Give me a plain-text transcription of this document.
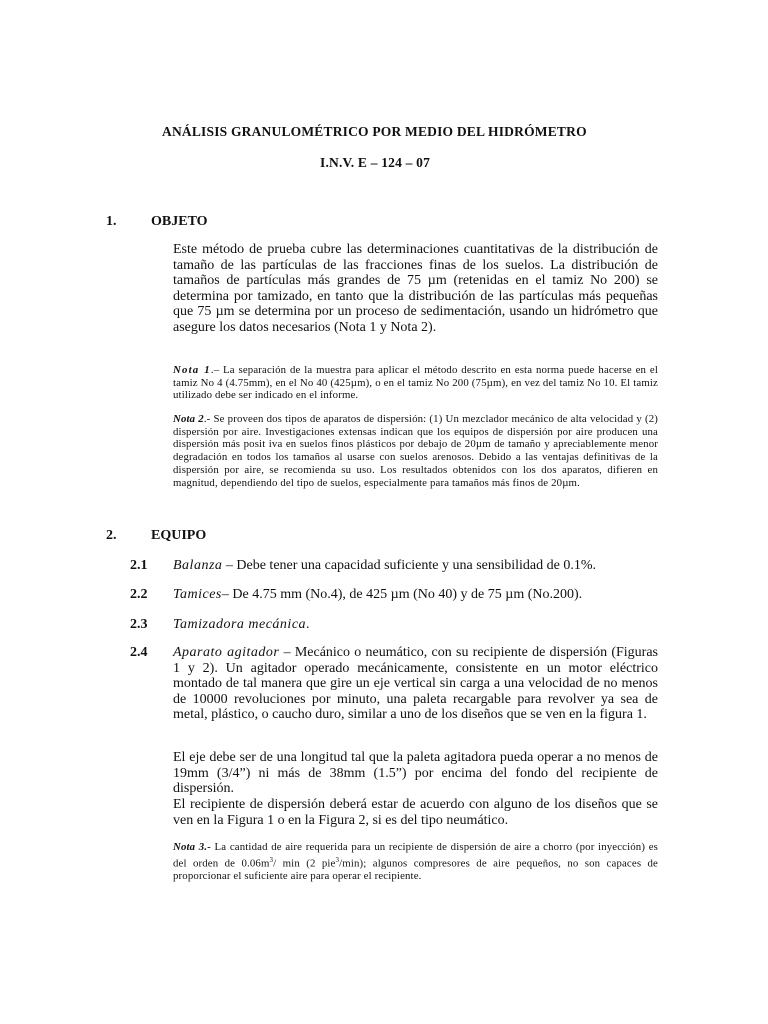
ANÁLISIS GRANULOMÉTRICO POR MEDIO DEL HIDRÓMETRO
I.N.V. E – 124 – 07
1. OBJETO

Este método de prueba cubre las determinaciones cuantitativas de la distribución de tamaño de las partículas de las fracciones finas de los suelos. La distribución de tamaños de partículas más grandes de 75 µm (retenidas en el tamiz No 200) se determina por tamizado, en tanto que la distribución de las partículas más pequeñas que 75 µm se determina por un proceso de sedimentación, usando un hidrómetro que asegure los datos necesarios (Nota 1 y Nota 2).

Nota 1.– La separación de la muestra para aplicar el método descrito en esta norma puede hacerse en el tamiz No 4 (4.75mm), en el No 40 (425µm), o en el tamiz No 200 (75µm), en vez del tamiz No 10. El tamiz utilizado debe ser indicado en el informe.

Nota 2.- Se proveen dos tipos de aparatos de dispersión: (1) Un mezclador mecánico de alta velocidad y (2) dispersión por aire. Investigaciones extensas indican que los equipos de dispersión por aire producen una dispersión más posit iva en suelos finos plásticos por debajo de 20µm de tamaño y apreciablemente menor degradación en todos los tamaños al usarse con suelos arenosos. Debido a las ventajas definitivas de la dispersión por aire, se recomienda su uso. Los resultados obtenidos con los dos aparatos, difieren en magnitud, dependiendo del tipo de suelos, especialmente para tamaños más finos de 20µm.

2. EQUIPO
2.1 Balanza – Debe tener una capacidad suficiente y una sensibilidad de 0.1%.
2.2 Tamices– De 4.75 mm (No.4), de 425 µm (No 40) y de 75 µm (No.200).
2.3 Tamizadora mecánica.
2.4 Aparato agitador – Mecánico o neumático, con su recipiente de dispersión (Figuras 1 y 2). Un agitador operado mecánicamente, consistente en un motor eléctrico montado de tal manera que gire un eje vertical sin carga a una velocidad de no menos de 10000 revoluciones por minuto, una paleta recargable para revolver ya sea de metal, plástico, o caucho duro, similar a uno de los diseños que se ven en la figura 1.

El eje debe ser de una longitud tal que la paleta agitadora pueda operar a no menos de 19mm (3/4”) ni más de 38mm (1.5”) por encima del fondo del recipiente de dispersión.

El recipiente de dispersión deberá estar de acuerdo con alguno de los diseños que se ven en la Figura 1 o en la Figura 2, si es del tipo neumático.

Nota 3.- La cantidad de aire requerida para un recipiente de dispersión de aire a chorro (por inyección) es del orden de $0.06m^3/$ min (2 pie$^3$/min); algunos compresores de aire pequeños, no son capaces de proporcionar el suficiente aire para operar el recipiente.
